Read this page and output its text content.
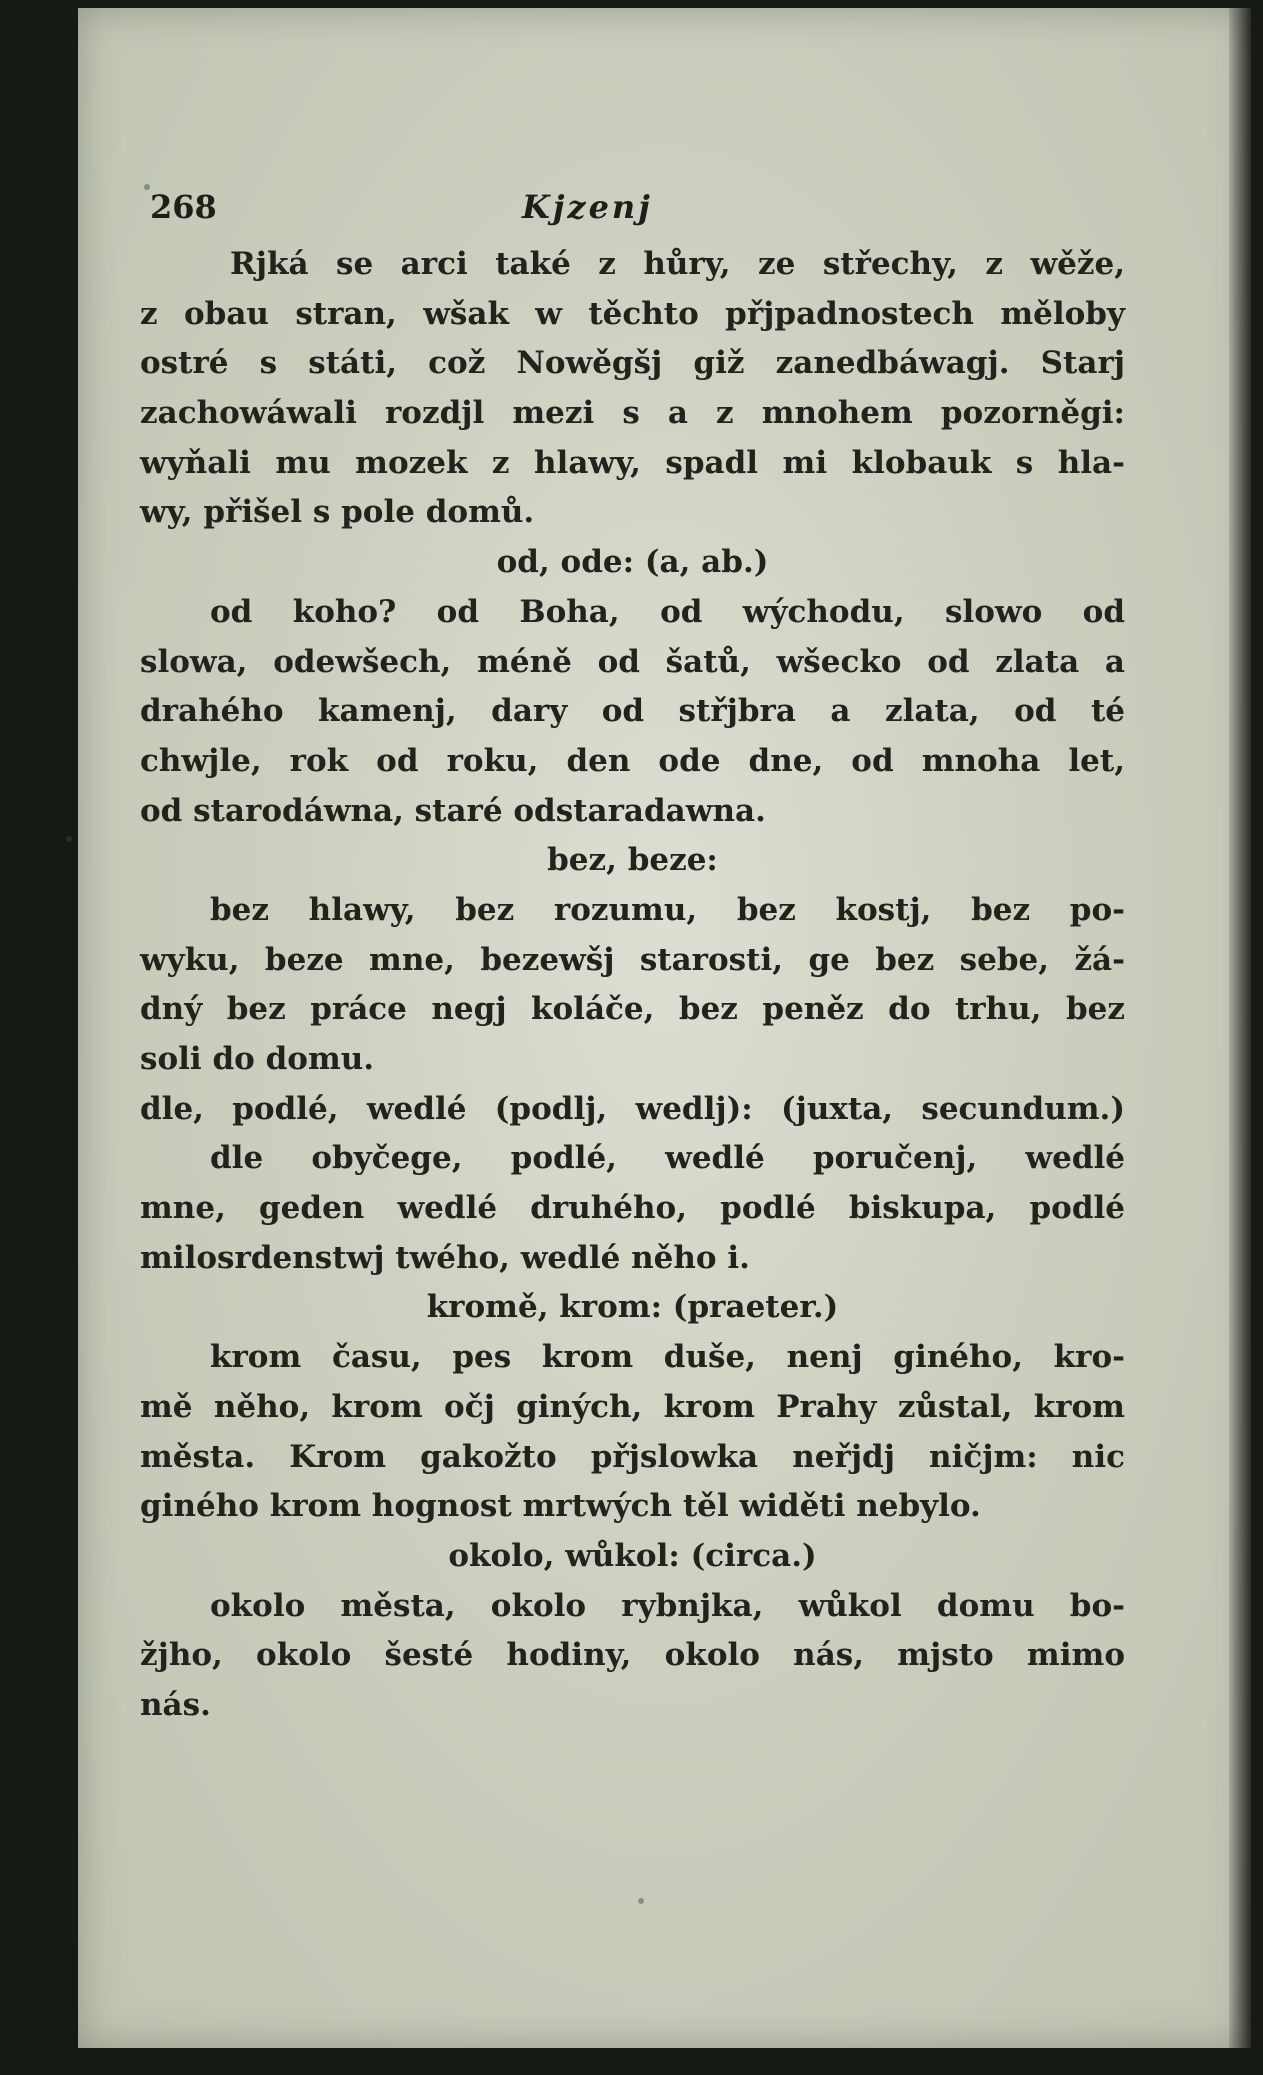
268	Kjzenj
Rjká se arci také z hůry, ze střechy, z wěže,
z obau stran, wšak w těchto přjpadnostech měloby
ostré s státi, což Nowěgšj giž zanedbáwagj. Starj
zachowáwali rozdjl mezi s a z mnohem pozorněgi:
wyňali mu mozek z hlawy, spadl mi klobauk s hla-
wy, přišel s pole domů.
od, ode: (a, ab.)
od koho? od Boha, od wýchodu, slowo od
slowa, odewšech, méně od šatů, wšecko od zlata a
drahého kamenj, dary od střjbra a zlata, od té
chwjle, rok od roku, den ode dne, od mnoha let,
od starodáwna, staré odstaradawna.
bez, beze:
bez hlawy, bez rozumu, bez kostj, bez po-
wyku, beze mne, bezewšj starosti, ge bez sebe, žá-
dný bez práce negj koláče, bez peněz do trhu, bez
soli do domu.
dle, podlé, wedlé (podlj, wedlj): (juxta, secundum.)
dle obyčege, podlé, wedlé poručenj, wedlé
mne, geden wedlé druhého, podlé biskupa, podlé
milosrdenstwj twého, wedlé něho i.
kromě, krom: (praeter.)
krom času, pes krom duše, nenj giného, kro-
mě něho, krom očj giných, krom Prahy zůstal, krom
města. Krom gakožto přjslowka neřjdj ničjm: nic
giného krom hognost mrtwých těl widěti nebylo.
okolo, wůkol: (circa.)
okolo města, okolo rybnjka, wůkol domu bo-
žjho, okolo šesté hodiny, okolo nás, mjsto mimo
nás.
